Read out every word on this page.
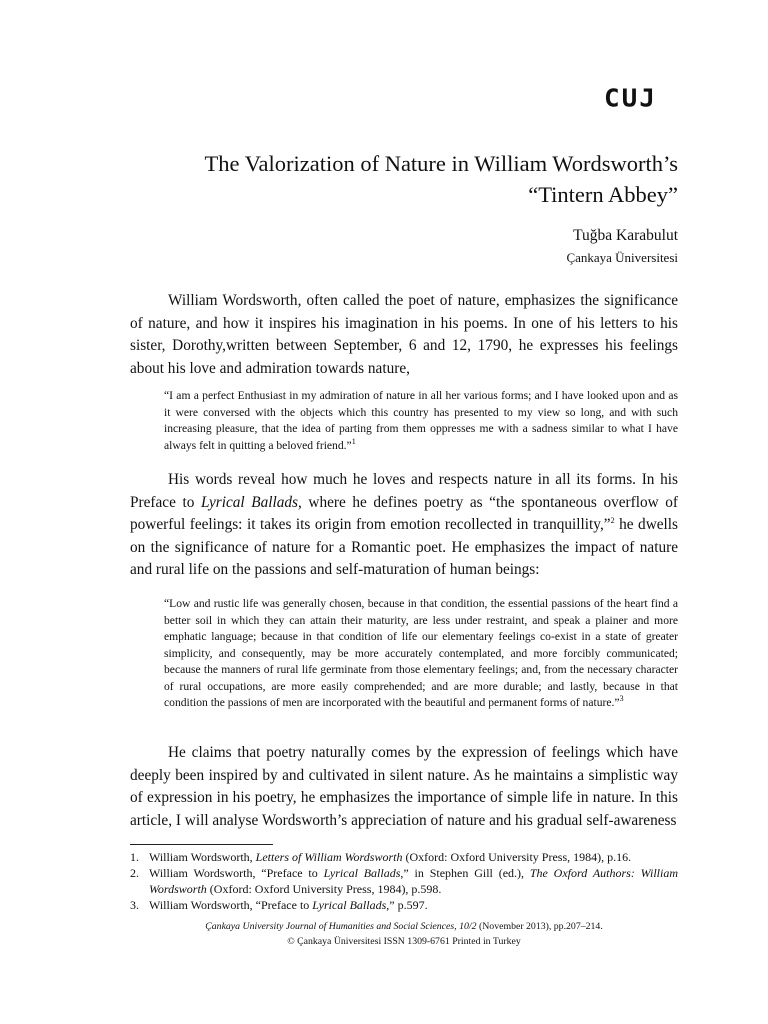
CUJ
The Valorization of Nature in William Wordsworth’s
“Tintern Abbey”
Tuğba Karabulut
Çankaya Üniversitesi

William Wordsworth, often called the poet of nature, emphasizes the significance of nature, and how it inspires his imagination in his poems. In one of his letters to his sister, Dorothy,written between September, 6 and 12, 1790, he expresses his feelings about his love and admiration towards nature,

“I am a perfect Enthusiast in my admiration of nature in all her various forms; and I have looked upon and as it were conversed with the objects which this country has presented to my view so long, and with such increasing pleasure, that the idea of parting from them oppresses me with a sadness similar to what I have always felt in quitting a beloved friend.”$^1$

His words reveal how much he loves and respects nature in all its forms. In his Preface to Lyrical Ballads, where he defines poetry as “the spontaneous overflow of powerful feelings: it takes its origin from emotion recollected in tranquillity,”$^2$ he dwells on the significance of nature for a Romantic poet. He emphasizes the impact of nature and rural life on the passions and self-maturation of human beings:

“Low and rustic life was generally chosen, because in that condition, the essential passions of the heart find a better soil in which they can attain their maturity, are less under restraint, and speak a plainer and more emphatic language; because in that condition of life our elementary feelings co-exist in a state of greater simplicity, and consequently, may be more accurately contemplated, and more forcibly communicated; because the manners of rural life germinate from those elementary feelings; and, from the necessary character of rural occupations, are more easily comprehended; and are more durable; and lastly, because in that condition the passions of men are incorporated with the beautiful and permanent forms of nature.”$^3$

He claims that poetry naturally comes by the expression of feelings which have deeply been inspired by and cultivated in silent nature. As he maintains a simplistic way of expression in his poetry, he emphasizes the importance of simple life in nature. In this article, I will analyse Wordsworth’s appreciation of nature and his gradual self-awareness

1. William Wordsworth, Letters of William Wordsworth (Oxford: Oxford University Press, 1984), p.16.
2. William Wordsworth, “Preface to Lyrical Ballads,” in Stephen Gill (ed.), The Oxford Authors: William Wordsworth (Oxford: Oxford University Press, 1984), p.598.
3. William Wordsworth, “Preface to Lyrical Ballads,” p.597.
Çankaya University Journal of Humanities and Social Sciences, 10/2 (November 2013), pp.207–214.
© Çankaya Üniversitesi ISSN 1309-6761 Printed in Turkey
